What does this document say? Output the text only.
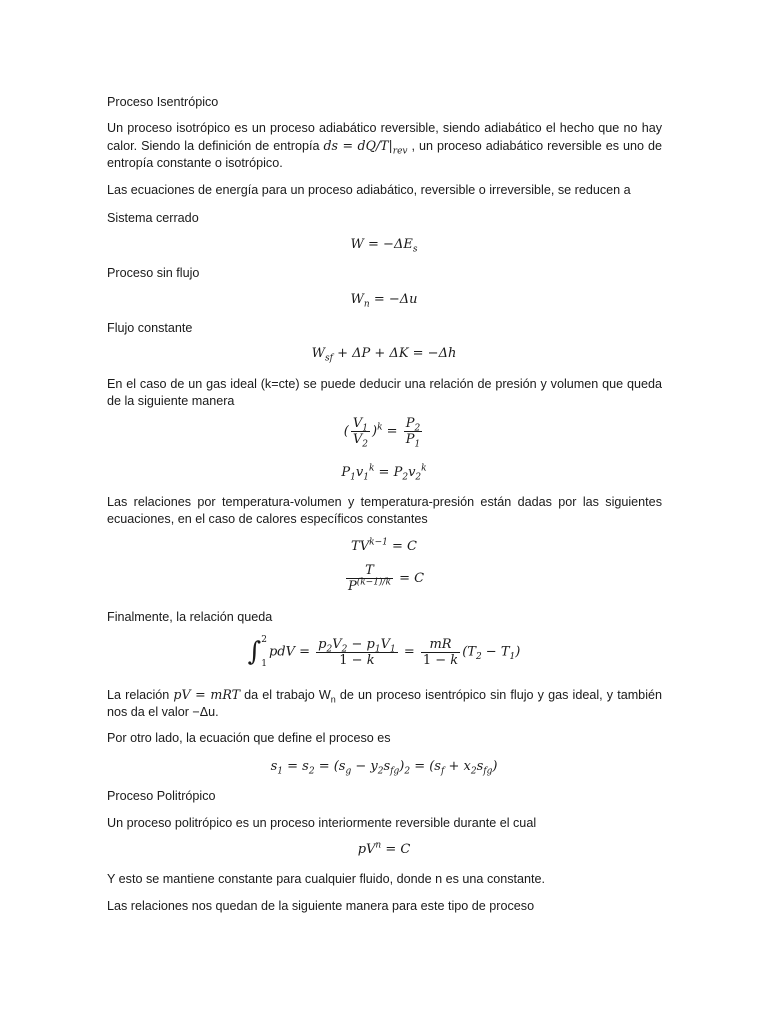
Proceso Isentrópico

Un proceso isotrópico es un proceso adiabático reversible, siendo adiabático el hecho que no hay calor. Siendo la definición de entropía ds = $dQ/T|_{rev}$ , un proceso adiabático reversible es uno de entropía constante o isotrópico.

Las ecuaciones de energía para un proceso adiabático, reversible o irreversible, se reducen a

Sistema cerrado

$W = -\Delta E_s$

Proceso sin flujo

$W_n = -\Delta u$

Flujo constante

$W_{sf} + \Delta P + \Delta K = -\Delta h$

En el caso de un gas ideal (k=cte) se puede deducir una relación de presión y volumen que queda de la siguiente manera

( $\frac{V_1}{V_2} )^k = \frac{P_2}{P_1}$
$P_1v_1^k = P_2v_2^k$

Las relaciones por temperatura-volumen y temperatura-presión están dadas por las siguientes ecuaciones, en el caso de calores específicos constantes

$TV^{k-1} = C$
$\frac{T}{P^{(k-1)/k}} = C$

Finalmente, la relación queda

∫ 2

1
pdV = $\frac{p_2V_2 - p_1V_1}{1 - k} = \frac{mR}{1 - k} (T_2 - T_1)$

La relación pV = mRT da el trabajo $W_n$ de un proceso isentrópico sin flujo y gas ideal, y también nos da el valor −Δu.

Por otro lado, la ecuación que define el proceso es

$s_1 = s_2 = (s_g - y_2s_{fg})_2 = (s_f + x_2s_{fg})$

Proceso Politrópico

Un proceso politrópico es un proceso interiormente reversible durante el cual

$pV^n = C$

Y esto se mantiene constante para cualquier fluido, donde n es una constante.

Las relaciones nos quedan de la siguiente manera para este tipo de proceso
